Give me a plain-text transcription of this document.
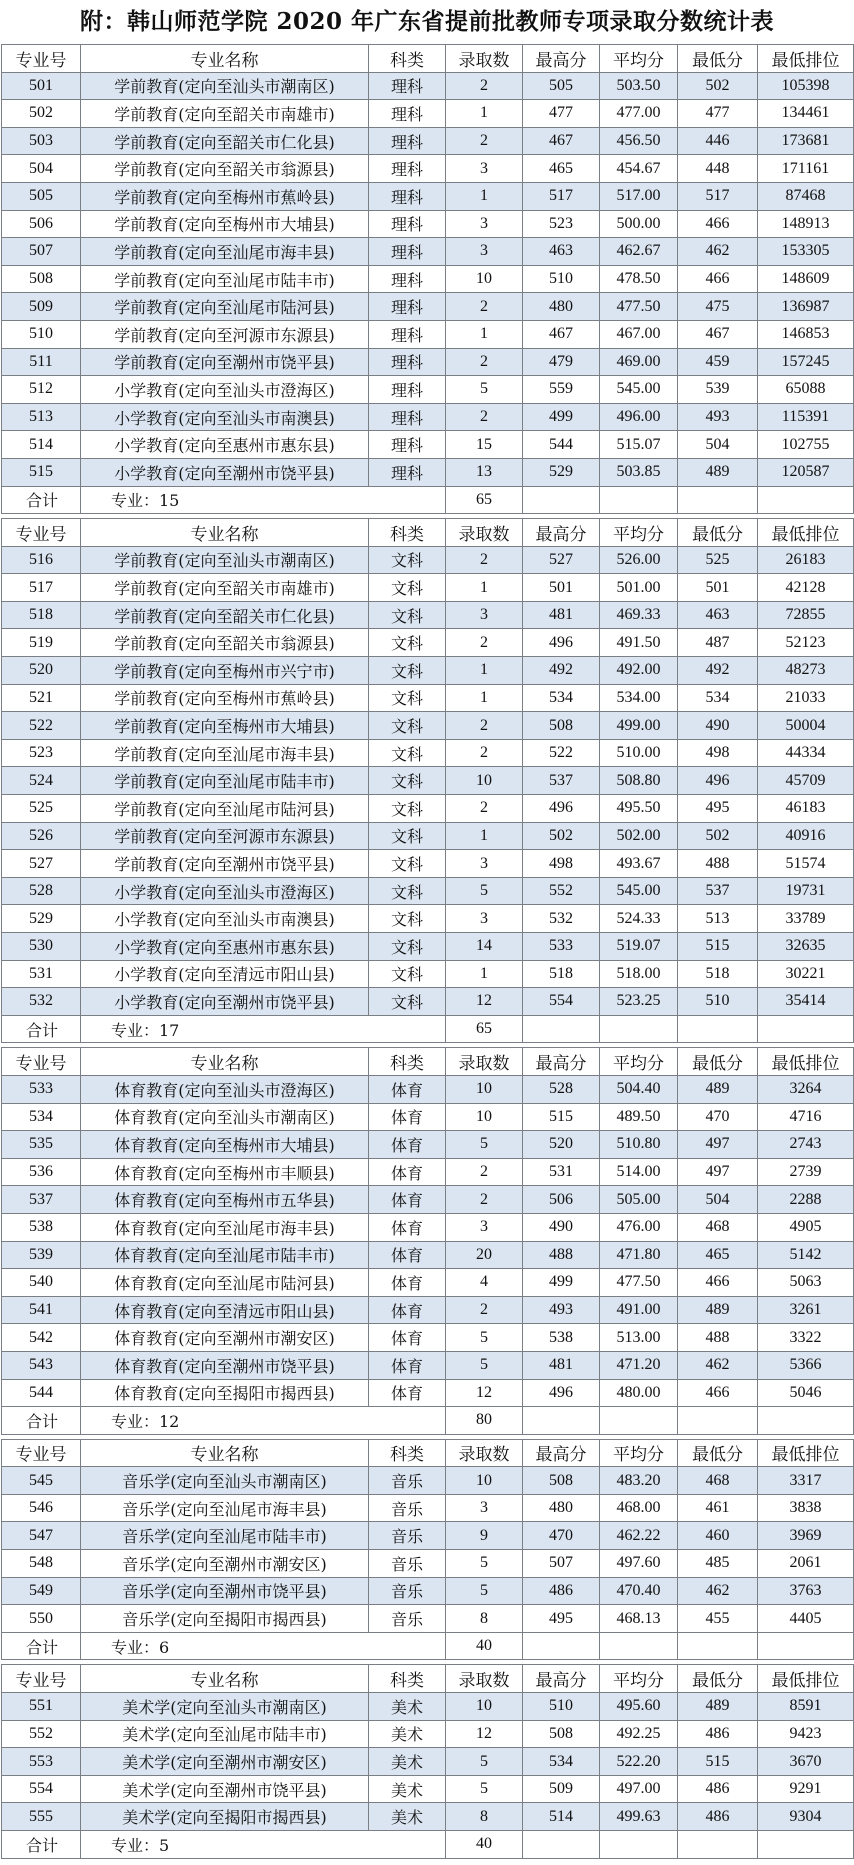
附：韩山师范学院 2020 年广东省提前批教师专项录取分数统计表
专业号	专业名称	科类	录取数	最高分	平均分	最低分	最低排位
501	学前教育(定向至汕头市潮南区)	理科	2	505	503.50	502	105398
502	学前教育(定向至韶关市南雄市)	理科	1	477	477.00	477	134461
503	学前教育(定向至韶关市仁化县)	理科	2	467	456.50	446	173681
504	学前教育(定向至韶关市翁源县)	理科	3	465	454.67	448	171161
505	学前教育(定向至梅州市蕉岭县)	理科	1	517	517.00	517	87468
506	学前教育(定向至梅州市大埔县)	理科	3	523	500.00	466	148913
507	学前教育(定向至汕尾市海丰县)	理科	3	463	462.67	462	153305
508	学前教育(定向至汕尾市陆丰市)	理科	10	510	478.50	466	148609
509	学前教育(定向至汕尾市陆河县)	理科	2	480	477.50	475	136987
510	学前教育(定向至河源市东源县)	理科	1	467	467.00	467	146853
511	学前教育(定向至潮州市饶平县)	理科	2	479	469.00	459	157245
512	小学教育(定向至汕头市澄海区)	理科	5	559	545.00	539	65088
513	小学教育(定向至汕头市南澳县)	理科	2	499	496.00	493	115391
514	小学教育(定向至惠州市惠东县)	理科	15	544	515.07	504	102755
515	小学教育(定向至潮州市饶平县)	理科	13	529	503.85	489	120587
合计	专业：15		65				

专业号	专业名称	科类	录取数	最高分	平均分	最低分	最低排位
516	学前教育(定向至汕头市潮南区)	文科	2	527	526.00	525	26183
517	学前教育(定向至韶关市南雄市)	文科	1	501	501.00	501	42128
518	学前教育(定向至韶关市仁化县)	文科	3	481	469.33	463	72855
519	学前教育(定向至韶关市翁源县)	文科	2	496	491.50	487	52123
520	学前教育(定向至梅州市兴宁市)	文科	1	492	492.00	492	48273
521	学前教育(定向至梅州市蕉岭县)	文科	1	534	534.00	534	21033
522	学前教育(定向至梅州市大埔县)	文科	2	508	499.00	490	50004
523	学前教育(定向至汕尾市海丰县)	文科	2	522	510.00	498	44334
524	学前教育(定向至汕尾市陆丰市)	文科	10	537	508.80	496	45709
525	学前教育(定向至汕尾市陆河县)	文科	2	496	495.50	495	46183
526	学前教育(定向至河源市东源县)	文科	1	502	502.00	502	40916
527	学前教育(定向至潮州市饶平县)	文科	3	498	493.67	488	51574
528	小学教育(定向至汕头市澄海区)	文科	5	552	545.00	537	19731
529	小学教育(定向至汕头市南澳县)	文科	3	532	524.33	513	33789
530	小学教育(定向至惠州市惠东县)	文科	14	533	519.07	515	32635
531	小学教育(定向至清远市阳山县)	文科	1	518	518.00	518	30221
532	小学教育(定向至潮州市饶平县)	文科	12	554	523.25	510	35414
合计	专业：17		65				

专业号	专业名称	科类	录取数	最高分	平均分	最低分	最低排位
533	体育教育(定向至汕头市澄海区)	体育	10	528	504.40	489	3264
534	体育教育(定向至汕头市潮南区)	体育	10	515	489.50	470	4716
535	体育教育(定向至梅州市大埔县)	体育	5	520	510.80	497	2743
536	体育教育(定向至梅州市丰顺县)	体育	2	531	514.00	497	2739
537	体育教育(定向至梅州市五华县)	体育	2	506	505.00	504	2288
538	体育教育(定向至汕尾市海丰县)	体育	3	490	476.00	468	4905
539	体育教育(定向至汕尾市陆丰市)	体育	20	488	471.80	465	5142
540	体育教育(定向至汕尾市陆河县)	体育	4	499	477.50	466	5063
541	体育教育(定向至清远市阳山县)	体育	2	493	491.00	489	3261
542	体育教育(定向至潮州市潮安区)	体育	5	538	513.00	488	3322
543	体育教育(定向至潮州市饶平县)	体育	5	481	471.20	462	5366
544	体育教育(定向至揭阳市揭西县)	体育	12	496	480.00	466	5046
合计	专业：12		80				

专业号	专业名称	科类	录取数	最高分	平均分	最低分	最低排位
545	音乐学(定向至汕头市潮南区)	音乐	10	508	483.20	468	3317
546	音乐学(定向至汕尾市海丰县)	音乐	3	480	468.00	461	3838
547	音乐学(定向至汕尾市陆丰市)	音乐	9	470	462.22	460	3969
548	音乐学(定向至潮州市潮安区)	音乐	5	507	497.60	485	2061
549	音乐学(定向至潮州市饶平县)	音乐	5	486	470.40	462	3763
550	音乐学(定向至揭阳市揭西县)	音乐	8	495	468.13	455	4405
合计	专业：6		40				

专业号	专业名称	科类	录取数	最高分	平均分	最低分	最低排位
551	美术学(定向至汕头市潮南区)	美术	10	510	495.60	489	8591
552	美术学(定向至汕尾市陆丰市)	美术	12	508	492.25	486	9423
553	美术学(定向至潮州市潮安区)	美术	5	534	522.20	515	3670
554	美术学(定向至潮州市饶平县)	美术	5	509	497.00	486	9291
555	美术学(定向至揭阳市揭西县)	美术	8	514	499.63	486	9304
合计	专业：5		40				
